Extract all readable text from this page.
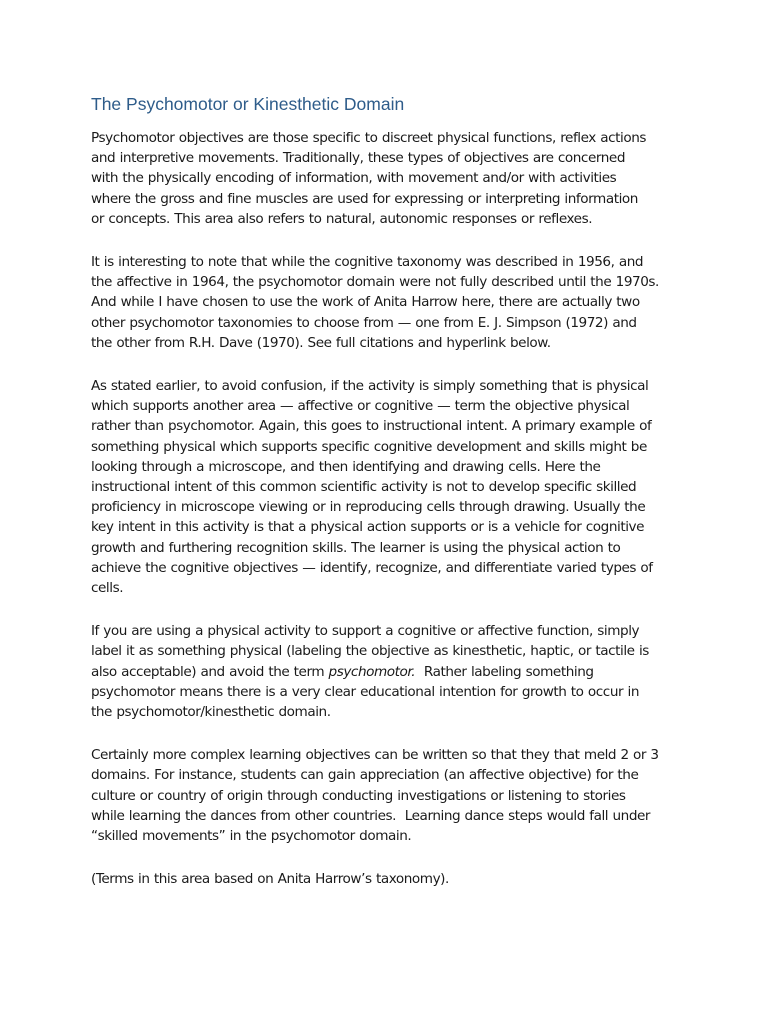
The Psychomotor or Kinesthetic Domain

Psychomotor objectives are those specific to discreet physical functions, reflex actions
and interpretive movements. Traditionally, these types of objectives are concerned
with the physically encoding of information, with movement and/or with activities
where the gross and fine muscles are used for expressing or interpreting information
or concepts. This area also refers to natural, autonomic responses or reflexes.

It is interesting to note that while the cognitive taxonomy was described in 1956, and
the affective in 1964, the psychomotor domain were not fully described until the 1970s.
And while I have chosen to use the work of Anita Harrow here, there are actually two
other psychomotor taxonomies to choose from — one from E. J. Simpson (1972) and
the other from R.H. Dave (1970). See full citations and hyperlink below.

As stated earlier, to avoid confusion, if the activity is simply something that is physical
which supports another area — affective or cognitive — term the objective physical
rather than psychomotor. Again, this goes to instructional intent. A primary example of
something physical which supports specific cognitive development and skills might be
looking through a microscope, and then identifying and drawing cells. Here the
instructional intent of this common scientific activity is not to develop specific skilled
proficiency in microscope viewing or in reproducing cells through drawing. Usually the
key intent in this activity is that a physical action supports or is a vehicle for cognitive
growth and furthering recognition skills. The learner is using the physical action to
achieve the cognitive objectives — identify, recognize, and differentiate varied types of
cells.

If you are using a physical activity to support a cognitive or affective function, simply
label it as something physical (labeling the objective as kinesthetic, haptic, or tactile is
also acceptable) and avoid the term psychomotor.  Rather labeling something
psychomotor means there is a very clear educational intention for growth to occur in
the psychomotor/kinesthetic domain.

Certainly more complex learning objectives can be written so that they that meld 2 or 3
domains. For instance, students can gain appreciation (an affective objective) for the
culture or country of origin through conducting investigations or listening to stories
while learning the dances from other countries.  Learning dance steps would fall under
“skilled movements” in the psychomotor domain.

(Terms in this area based on Anita Harrow’s taxonomy).
